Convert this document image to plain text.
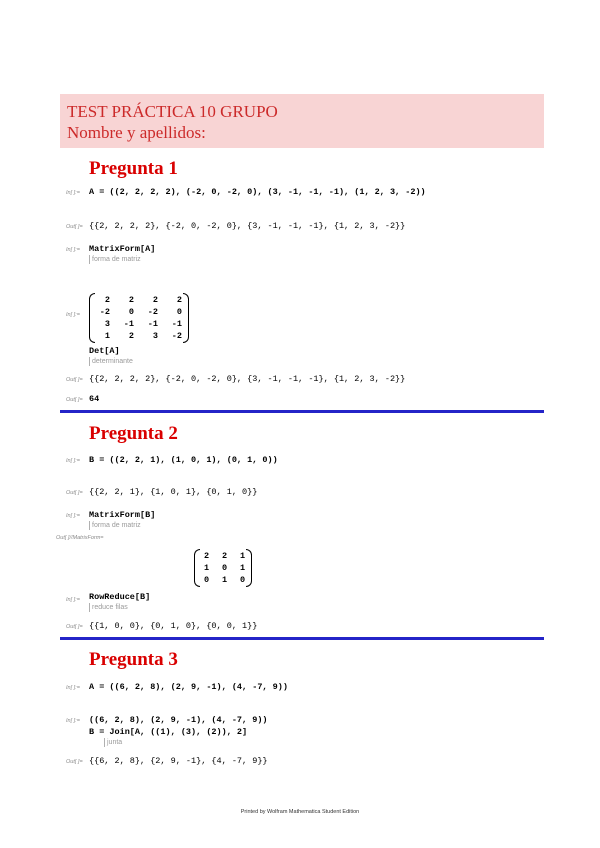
TEST PRÁCTICA 10 GRUPO
Nombre y apellidos:
Pregunta 1
In[ ]:= A = ((2, 2, 2, 2), (-2, 0, -2, 0), (3, -1, -1, -1), (1, 2, 3, -2))
Out[ ]= {{2, 2, 2, 2}, {-2, 0, -2, 0}, {3, -1, -1, -1}, {1, 2, 3, -2}}
In[ ]:= MatrixForm[A]
forma de matriz
In[ ]:=
2	2	2	2
-2	0	-2	0
3	-1	-1	-1
1	2	3	-2

Det[A]
determinante
Out[ ]= {{2, 2, 2, 2}, {-2, 0, -2, 0}, {3, -1, -1, -1}, {1, 2, 3, -2}}
Out[ ]= 64
Pregunta 2
In[ ]:= B = ((2, 2, 1), (1, 0, 1), (0, 1, 0))
Out[ ]= {{2, 2, 1}, {1, 0, 1}, {0, 1, 0}}
In[ ]:= MatrixForm[B]
forma de matriz
Out[ ]//MatrixForm=
2	2	1
1	0	1
0	1	0
In[ ]:= RowReduce[B]
reduce filas
Out[ ]= {{1, 0, 0}, {0, 1, 0}, {0, 0, 1}}
Pregunta 3
In[ ]:= A = ((6, 2, 8), (2, 9, -1), (4, -7, 9))
In[ ]:= ((6, 2, 8), (2, 9, -1), (4, -7, 9))
B = Join[A, ((1), (3), (2)), 2]
junta
Out[ ]= {{6, 2, 8}, {2, 9, -1}, {4, -7, 9}}
Printed by Wolfram Mathematica Student Edition
